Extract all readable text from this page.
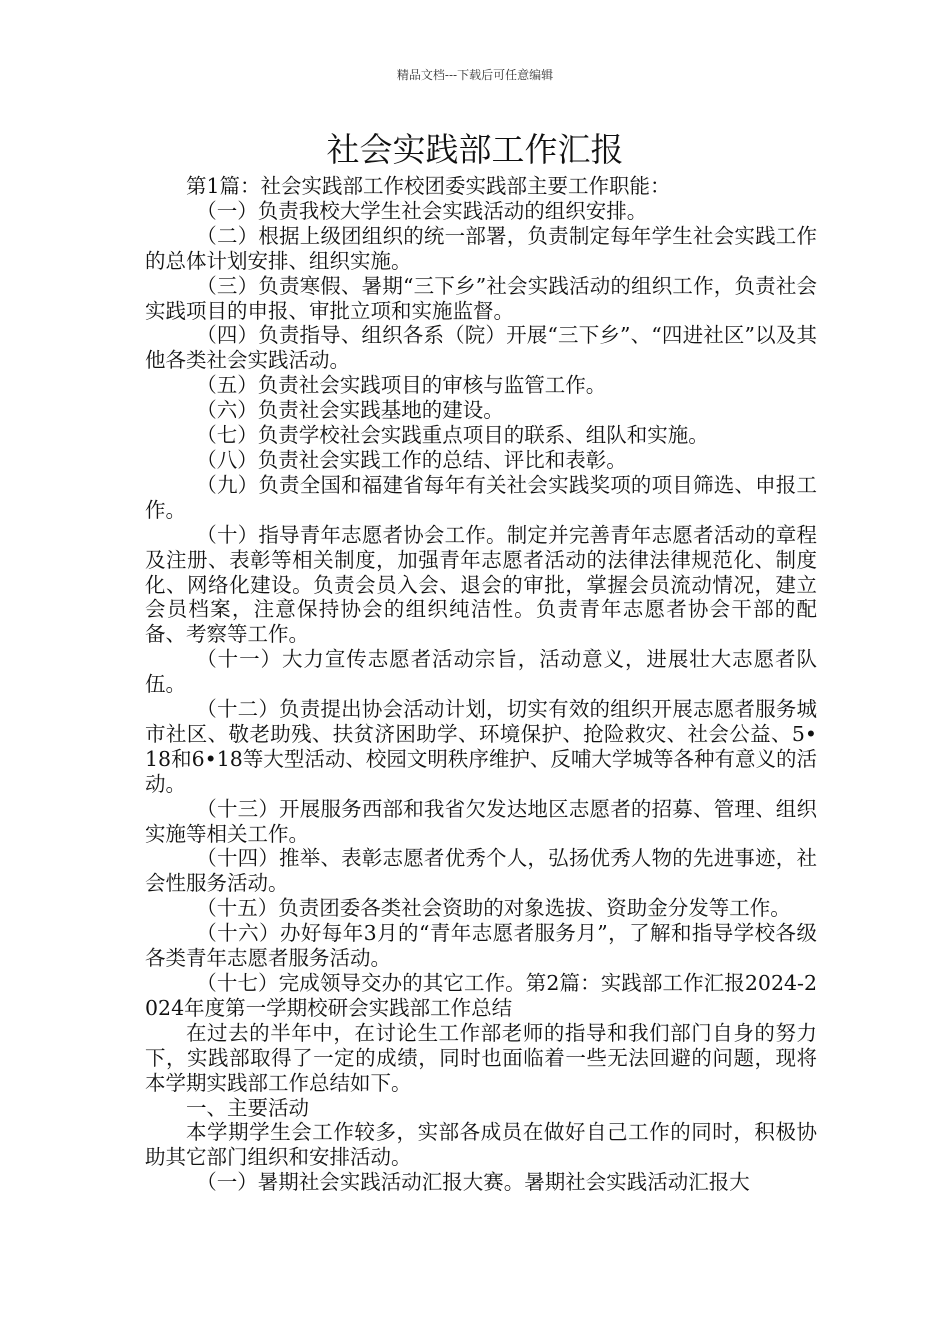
精品文档---下载后可任意编辑
社会实践部工作汇报

第1篇：社会实践部工作校团委实践部主要工作职能：

（一）负责我校大学生社会实践活动的组织安排。

（二）根据上级团组织的统一部署，负责制定每年学生社会实践工作的总体计划安排、组织实施。

（三）负责寒假、暑期“三下乡”社会实践活动的组织工作，负责社会实践项目的申报、审批立项和实施监督。

（四）负责指导、组织各系（院）开展“三下乡”、“四进社区”以及其他各类社会实践活动。

（五）负责社会实践项目的审核与监管工作。

（六）负责社会实践基地的建设。

（七）负责学校社会实践重点项目的联系、组队和实施。

（八）负责社会实践工作的总结、评比和表彰。

（九）负责全国和福建省每年有关社会实践奖项的项目筛选、申报工作。

（十）指导青年志愿者协会工作。制定并完善青年志愿者活动的章程及注册、表彰等相关制度，加强青年志愿者活动的法律法律规范化、制度化、网络化建设。负责会员入会、退会的审批，掌握会员流动情况，建立会员档案，注意保持协会的组织纯洁性。负责青年志愿者协会干部的配备、考察等工作。

（十一）大力宣传志愿者活动宗旨，活动意义，进展壮大志愿者队伍。

（十二）负责提出协会活动计划，切实有效的组织开展志愿者服务城市社区、敬老助残、扶贫济困助学、环境保护、抢险救灾、社会公益、5•18和6•18等大型活动、校园文明秩序维护、反哺大学城等各种有意义的活动。

（十三）开展服务西部和我省欠发达地区志愿者的招募、管理、组织实施等相关工作。

（十四）推举、表彰志愿者优秀个人，弘扬优秀人物的先进事迹，社会性服务活动。

（十五）负责团委各类社会资助的对象选拔、资助金分发等工作。

（十六）办好每年3月的“青年志愿者服务月”，了解和指导学校各级各类青年志愿者服务活动。

（十七）完成领导交办的其它工作。第2篇：实践部工作汇报2024-2024年度第一学期校研会实践部工作总结

在过去的半年中，在讨论生工作部老师的指导和我们部门自身的努力下，实践部取得了一定的成绩，同时也面临着一些无法回避的问题，现将本学期实践部工作总结如下。

一、主要活动

本学期学生会工作较多，实部各成员在做好自己工作的同时，积极协助其它部门组织和安排活动。

（一）暑期社会实践活动汇报大赛。暑期社会实践活动汇报大
